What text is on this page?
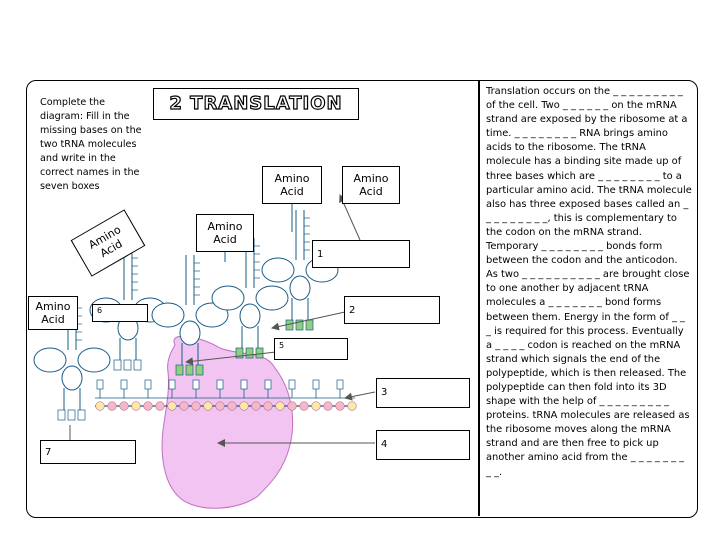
Complete the diagram: Fill in the missing bases on the two tRNA molecules and write in the correct names in the seven boxes
2 TRANSLATION
Amino Acid
Amino Acid
Amino Acid
Amino Acid
Amino Acid
1
2
3
4
5
6
7
Translation occurs on the _ _ _ _ _ _ _ _ _ of the cell. Two _ _ _ _ _ _ on the mRNA strand are exposed by the ribosome at a time. _ _ _ _ _ _ _ _ RNA brings amino acids to the ribosome. The tRNA molecule has a binding site made up of three bases which are _ _ _ _ _ _ _ _ to a particular amino acid. The tRNA molecule also has three exposed bases called an _ _ _ _ _ _ _ _ _, this is complementary to the codon on the mRNA strand. Temporary _ _ _ _ _ _ _ _ bonds form between the codon and the anticodon. As two _ _ _ _ _ _ _ _ _ _ are brought close to one another by adjacent tRNA molecules a _ _ _ _ _ _ _ bond forms between them. Energy in the form of _ _ _ is required for this process. Eventually a _ _ _ _ codon is reached on the mRNA strand which signals the end of the polypeptide, which is then released. The polypeptide can then fold into its 3D shape with the help of _ _ _ _ _ _ _ _ _ proteins. tRNA molecules are released as the ribosome moves along the mRNA strand and are then free to pick up another amino acid from the _ _ _ _ _ _ _ _ _.
